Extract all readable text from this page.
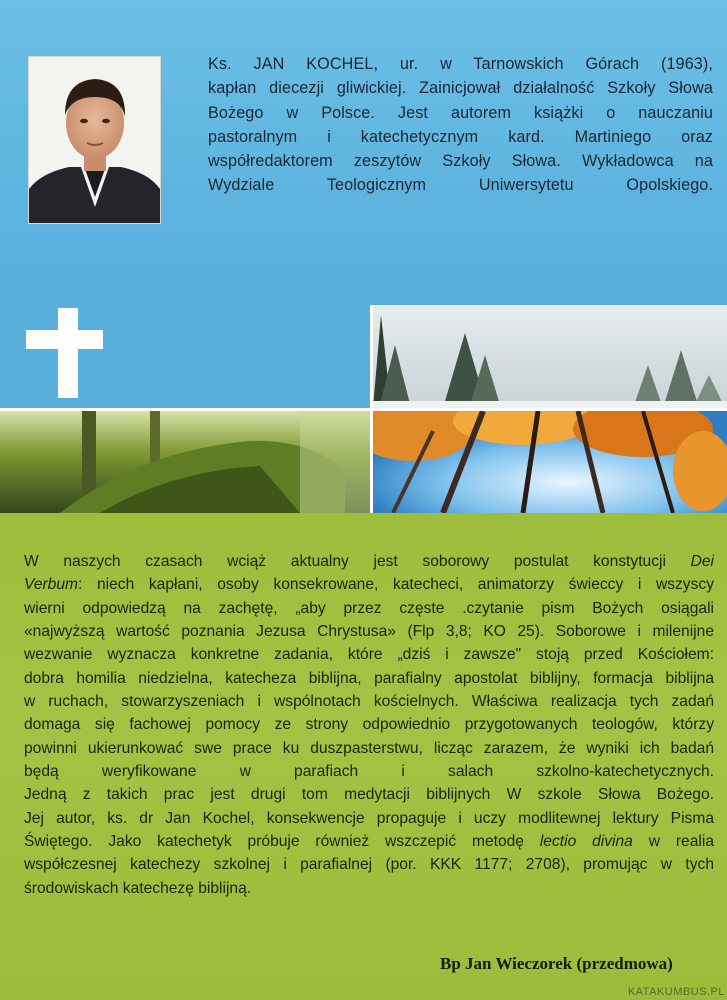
Ks. JAN KOCHEL, ur. w Tarnowskich Górach (1963),
kapłan diecezji gliwickiej. Zainicjował działalność Szkoły Słowa
Bożego w Polsce. Jest autorem książki o nauczaniu
pastoralnym i katechetycznym kard. Martiniego oraz
współredaktorem zeszytów Szkoły Słowa. Wykładowca na
Wydziale Teologicznym Uniwersytetu Opolskiego.
W naszych czasach wciąż aktualny jest soborowy postulat konstytucji Dei
Verbum: niech kapłani, osoby konsekrowane, katecheci, animatorzy świeccy i wszyscy
wierni odpowiedzą na zachętę, „aby przez częste .czytanie pism Bożych osiągali
«najwyższą wartość poznania Jezusa Chrystusa» (Flp 3,8; KO 25). Soborowe i milenijne
wezwanie wyznacza konkretne zadania, które „dziś i zawsze" stoją przed Kościołem:
dobra homilia niedzielna, katecheza biblijna, parafialny apostolat biblijny, formacja biblijna
w ruchach, stowarzyszeniach i wspólnotach kościelnych. Właściwa realizacja tych zadań
domaga się fachowej pomocy ze strony odpowiednio przygotowanych teologów, którzy
powinni ukierunkować swe prace ku duszpasterstwu, licząc zarazem, że wyniki ich badań
będą weryfikowane w parafiach i salach szkolno-katechetycznych.
Jedną z takich prac jest drugi tom medytacji biblijnych W szkole Słowa Bożego.
Jej autor, ks. dr Jan Kochel, konsekwencje propaguje i uczy modlitewnej lektury Pisma
Świętego. Jako katechetyk próbuje również wszczepić metodę lectio divina w realia
współczesnej katechezy szkolnej i parafialnej (por. KKK 1177; 2708), promując w tych
środowiskach katechezę biblijną.
Bp Jan Wieczorek (przedmowa)
KATAKUMBUS.PL
